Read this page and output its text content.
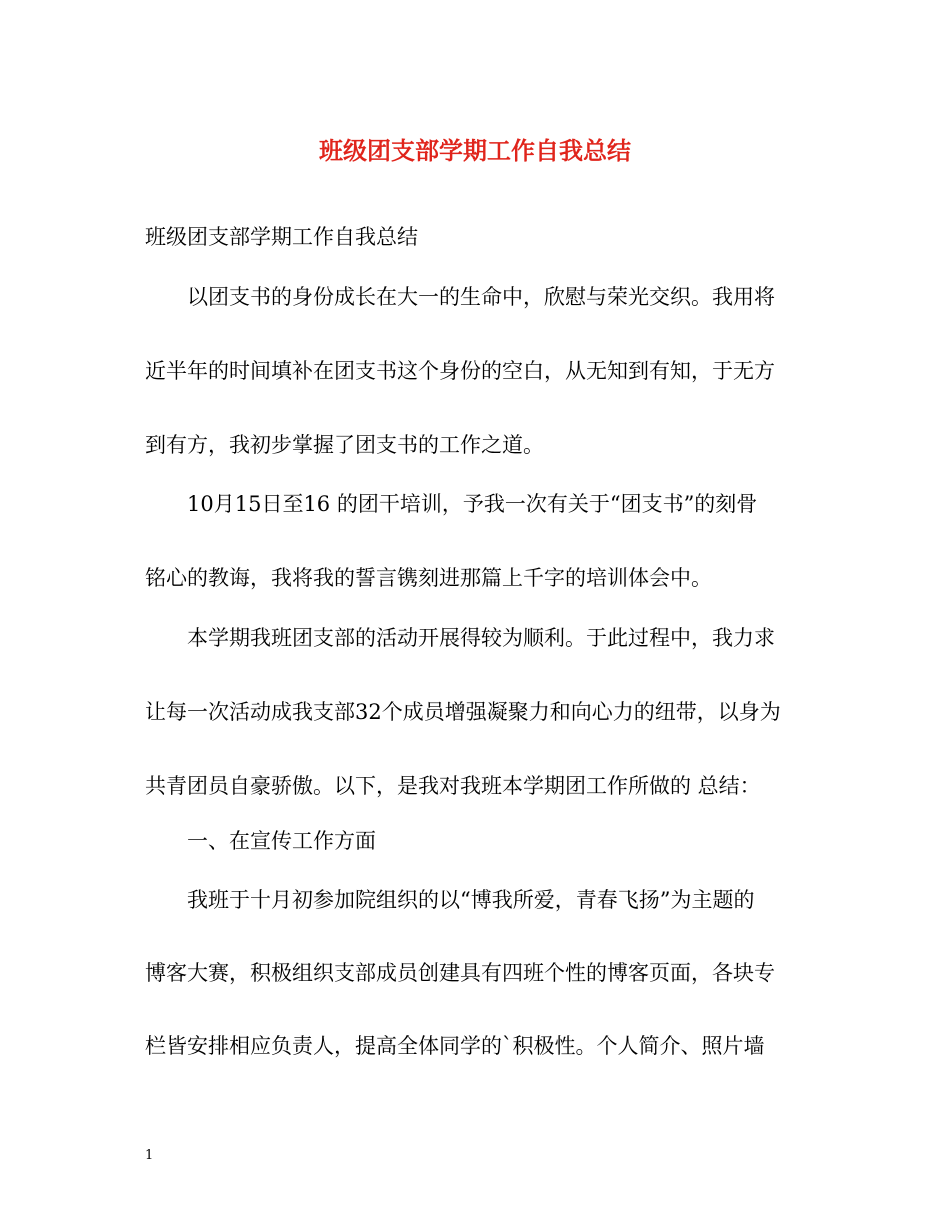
班级团支部学期工作自我总结
班级团支部学期工作自我总结
以团支书的身份成长在大一的生命中，欣慰与荣光交织。我用将
近半年的时间填补在团支书这个身份的空白，从无知到有知，于无方
到有方，我初步掌握了团支书的工作之道。
10月15日至16 的团干培训，予我一次有关于“团支书”的刻骨
铭心的教诲，我将我的誓言镌刻进那篇上千字的培训体会中。
本学期我班团支部的活动开展得较为顺利。于此过程中，我力求
让每一次活动成我支部32个成员增强凝聚力和向心力的纽带，以身为
共青团员自豪骄傲。以下，是我对我班本学期团工作所做的 总结：
一、在宣传工作方面
我班于十月初参加院组织的以“博我所爱，青春飞扬”为主题的
博客大赛，积极组织支部成员创建具有四班个性的博客页面，各块专
栏皆安排相应负责人，提高全体同学的`积极性。个人简介、照片墙
1
